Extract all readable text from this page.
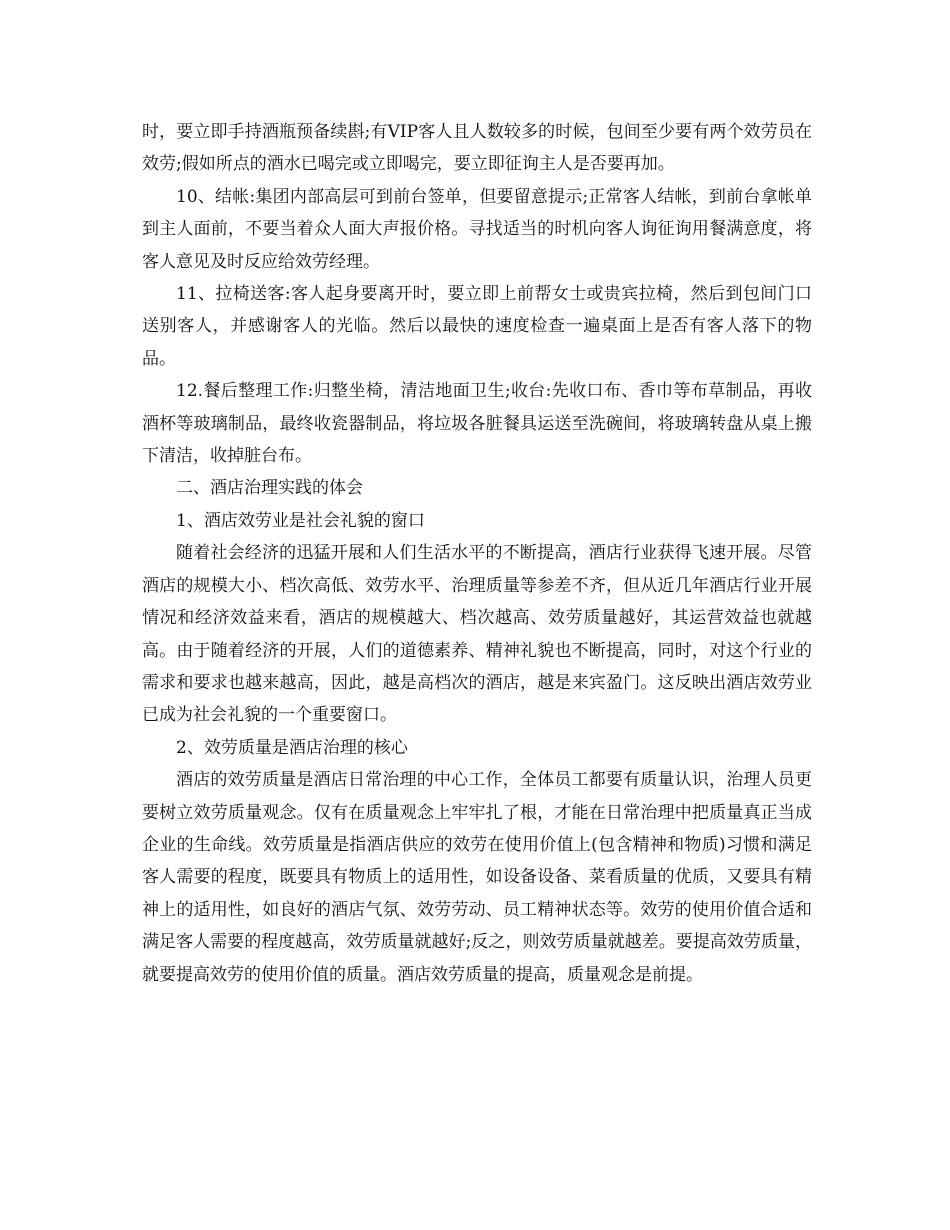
时，要立即手持酒瓶预备续斟;有VIP客人且人数较多的时候，包间至少要有两个效劳员在效劳;假如所点的酒水已喝完或立即喝完，要立即征询主人是否要再加。

10、结帐:集团内部高层可到前台签单，但要留意提示;正常客人结帐，到前台拿帐单到主人面前，不要当着众人面大声报价格。寻找适当的时机向客人询征询用餐满意度，将客人意见及时反应给效劳经理。

11、拉椅送客:客人起身要离开时，要立即上前帮女士或贵宾拉椅，然后到包间门口送别客人，并感谢客人的光临。然后以最快的速度检查一遍桌面上是否有客人落下的物品。

12.餐后整理工作:归整坐椅，清洁地面卫生;收台:先收口布、香巾等布草制品，再收酒杯等玻璃制品，最终收瓷器制品，将垃圾各脏餐具运送至洗碗间，将玻璃转盘从桌上搬下清洁，收掉脏台布。

二、酒店治理实践的体会

1、酒店效劳业是社会礼貌的窗口

随着社会经济的迅猛开展和人们生活水平的不断提高，酒店行业获得飞速开展。尽管酒店的规模大小、档次高低、效劳水平、治理质量等参差不齐，但从近几年酒店行业开展情况和经济效益来看，酒店的规模越大、档次越高、效劳质量越好，其运营效益也就越高。由于随着经济的开展，人们的道德素养、精神礼貌也不断提高，同时，对这个行业的需求和要求也越来越高，因此，越是高档次的酒店，越是来宾盈门。这反映出酒店效劳业已成为社会礼貌的一个重要窗口。

2、效劳质量是酒店治理的核心

酒店的效劳质量是酒店日常治理的中心工作，全体员工都要有质量认识，治理人员更要树立效劳质量观念。仅有在质量观念上牢牢扎了根，才能在日常治理中把质量真正当成企业的生命线。效劳质量是指酒店供应的效劳在使用价值上(包含精神和物质)习惯和满足客人需要的程度，既要具有物质上的适用性，如设备设备、菜看质量的优质，又要具有精神上的适用性，如良好的酒店气氛、效劳劳动、员工精神状态等。效劳的使用价值合适和满足客人需要的程度越高，效劳质量就越好;反之，则效劳质量就越差。要提高效劳质量，就要提高效劳的使用价值的质量。酒店效劳质量的提高，质量观念是前提。
